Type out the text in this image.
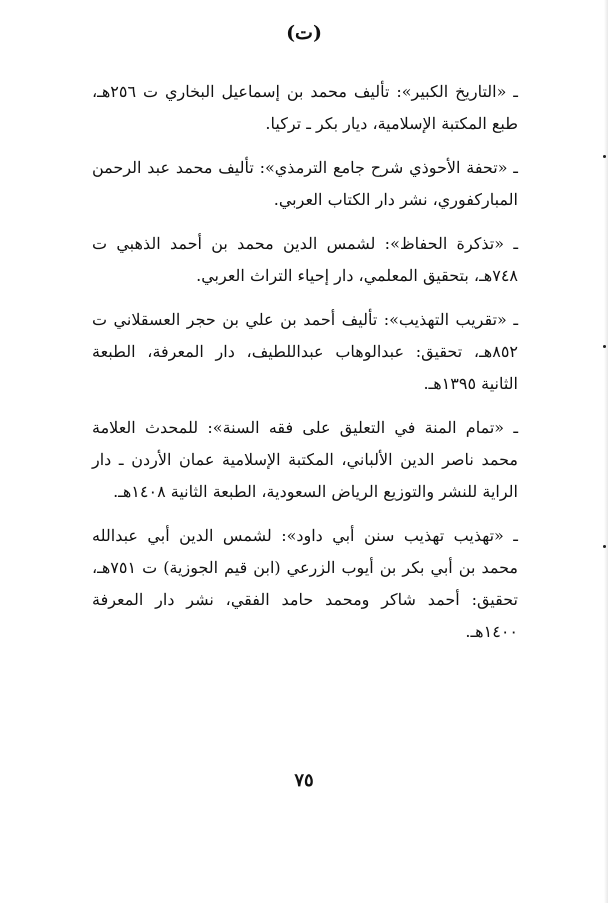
(ت)

ـ «التاريخ الكبير»: تأليف محمد بن إسماعيل البخاري ت ٢٥٦هـ، طبع المكتبة الإسلامية، ديار بكر ـ تركيا.

ـ «تحفة الأحوذي شرح جامع الترمذي»: تأليف محمد عبد الرحمن المباركفوري، نشر دار الكتاب العربي.

ـ «تذكرة الحفاظ»: لشمس الدين محمد بن أحمد الذهبي ت ٧٤٨هـ، بتحقيق المعلمي، دار إحياء التراث العربي.

ـ «تقريب التهذيب»: تأليف أحمد بن علي بن حجر العسقلاني ت ٨٥٢هـ، تحقيق: عبدالوهاب عبداللطيف، دار المعرفة، الطبعة الثانية ١٣٩٥هـ.

ـ «تمام المنة في التعليق على فقه السنة»: للمحدث العلامة محمد ناصر الدين الألباني، المكتبة الإسلامية عمان الأردن ـ دار الراية للنشر والتوزيع الرياض السعودية، الطبعة الثانية ١٤٠٨هـ.

ـ «تهذيب تهذيب سنن أبي داود»: لشمس الدين أبي عبدالله محمد بن أبي بكر بن أيوب الزرعي (ابن قيم الجوزية) ت ٧٥١هـ، تحقيق: أحمد شاكر ومحمد حامد الفقي، نشر دار المعرفة ١٤٠٠هـ.

٧٥
